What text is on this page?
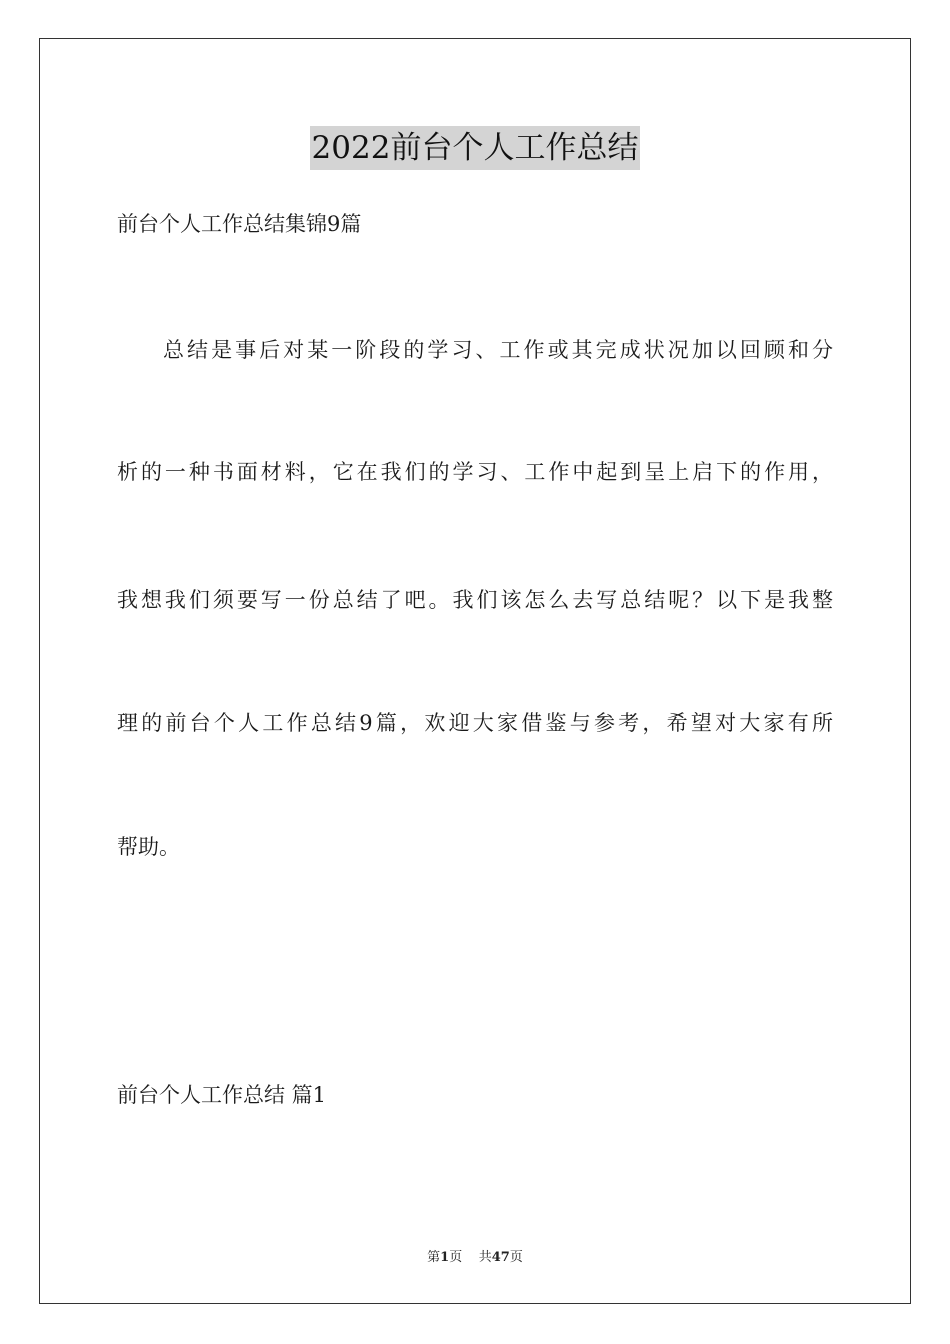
2022前台个人工作总结

前台个人工作总结集锦9篇

总结是事后对某一阶段的学习、工作或其完成状况加以回顾和分
析的一种书面材料，它在我们的学习、工作中起到呈上启下的作用，
我想我们须要写一份总结了吧。我们该怎么去写总结呢？以下是我整
理的前台个人工作总结9篇，欢迎大家借鉴与参考，希望对大家有所
帮助。

前台个人工作总结 篇1

第1页 共47页
